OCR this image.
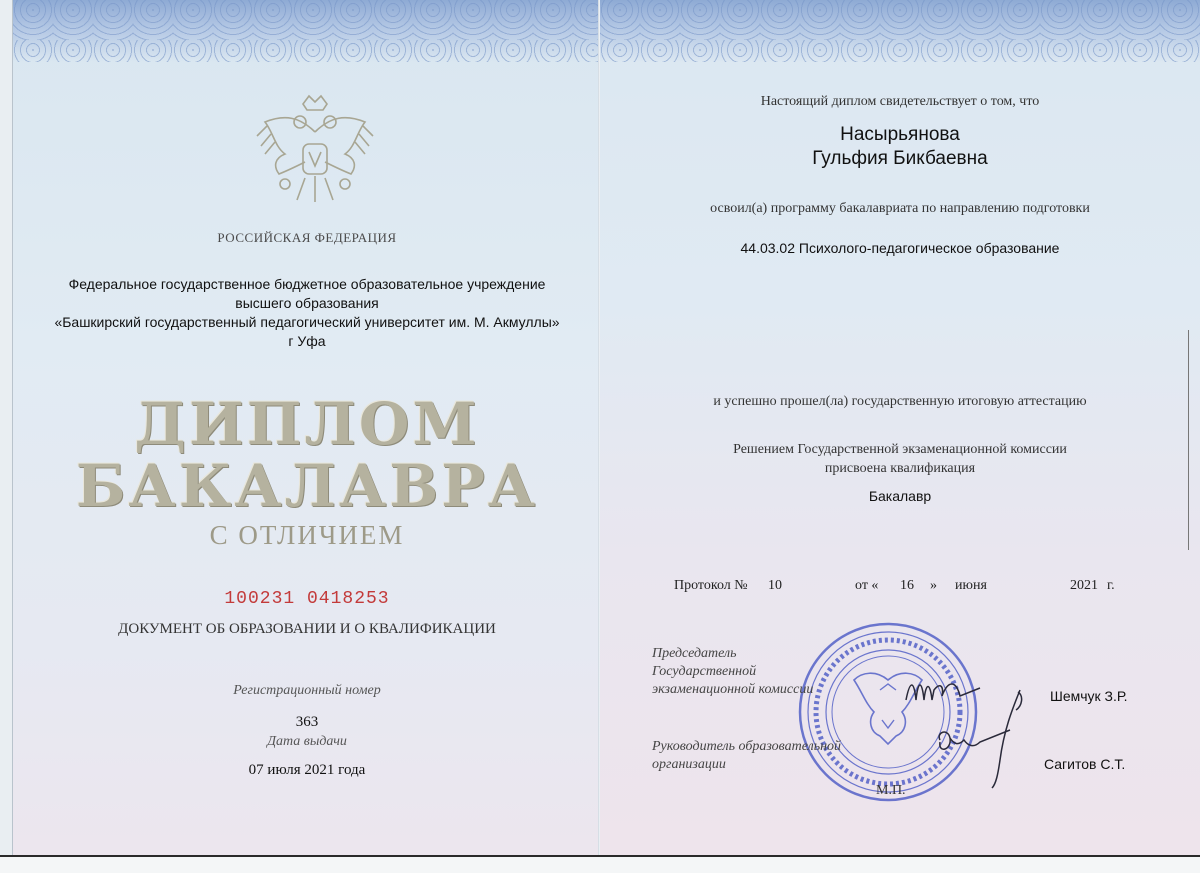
РОССИЙСКАЯ ФЕДЕРАЦИЯ
Федеральное государственное бюджетное образовательное учреждение
высшего образования
«Башкирский государственный педагогический университет им. М. Акмуллы»
г Уфа
ДИПЛОМ
БАКАЛАВРА
С ОТЛИЧИЕМ
100231 0418253
ДОКУМЕНТ ОБ ОБРАЗОВАНИИ И О КВАЛИФИКАЦИИ
Регистрационный номер
363
Дата выдачи
07 июля 2021 года
Настоящий диплом свидетельствует о том, что
Насырьянова
Гульфия Бикбаевна
освоил(а) программу бакалавриата по направлению подготовки
44.03.02 Психолого-педагогическое образование
и успешно прошел(ла) государственную итоговую аттестацию
Решением Государственной экзаменационной комиссии
присвоена квалификация
Бакалавр
Протокол № 10	от « 16 » июня	2021 г.
Председатель
Государственной
экзаменационной комиссии	Шемчук З.Р.
Руководитель образовательной
организации	Сагитов С.Т.
М.П.
